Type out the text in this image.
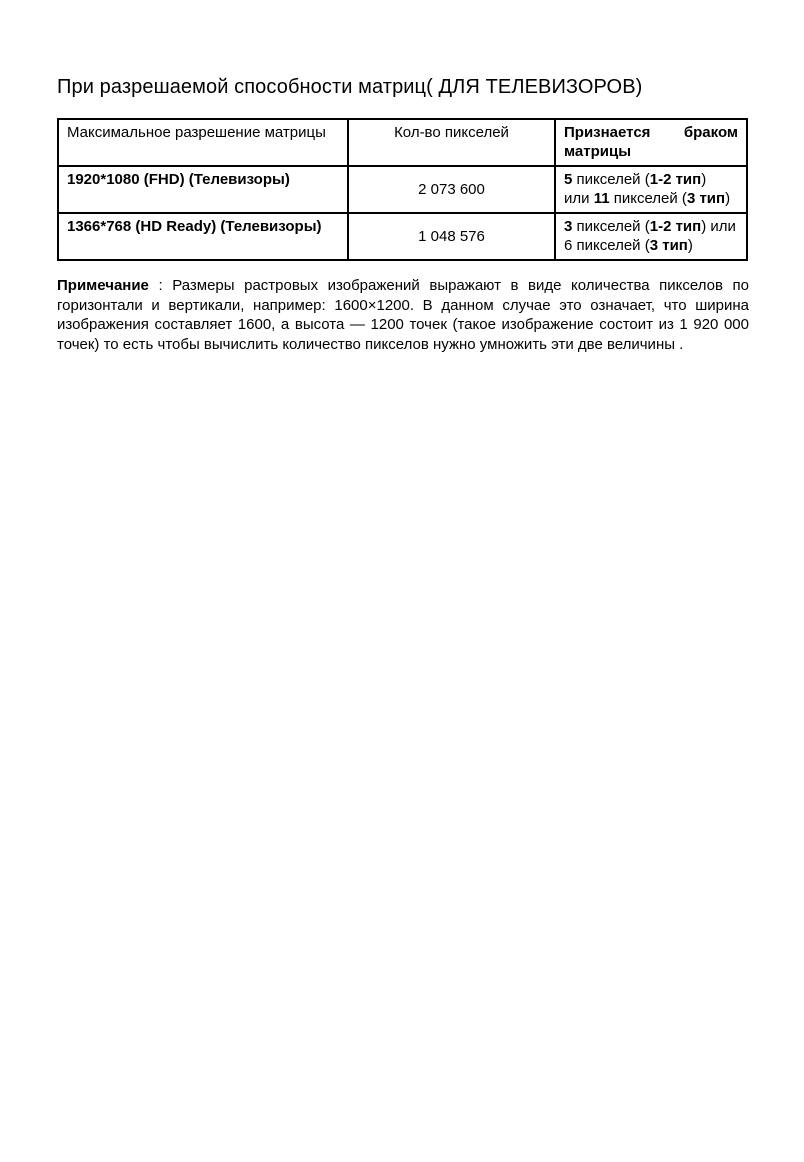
При разрешаемой способности матриц( ДЛЯ ТЕЛЕВИЗОРОВ)
Максимальное разрешение матрицы	Кол-во пикселей	Признается браком
матрицы

1920*1080 (FHD) (Телевизоры)	2 073 600	5 пикселей (1-2 тип)
или 11 пикселей (3 тип)

1366*768 (HD Ready) (Телевизоры)	1 048 576	3 пикселей (1-2 тип) или
6 пикселей (3 тип)

Примечание : Размеры растровых изображений выражают в виде количества пикселов по горизонтали и вертикали, например: 1600×1200. В данном случае это означает, что ширина изображения составляет 1600, а высота — 1200 точек (такое изображение состоит из 1 920 000 точек) то есть чтобы вычислить количество пикселов нужно умножить эти две величины .
